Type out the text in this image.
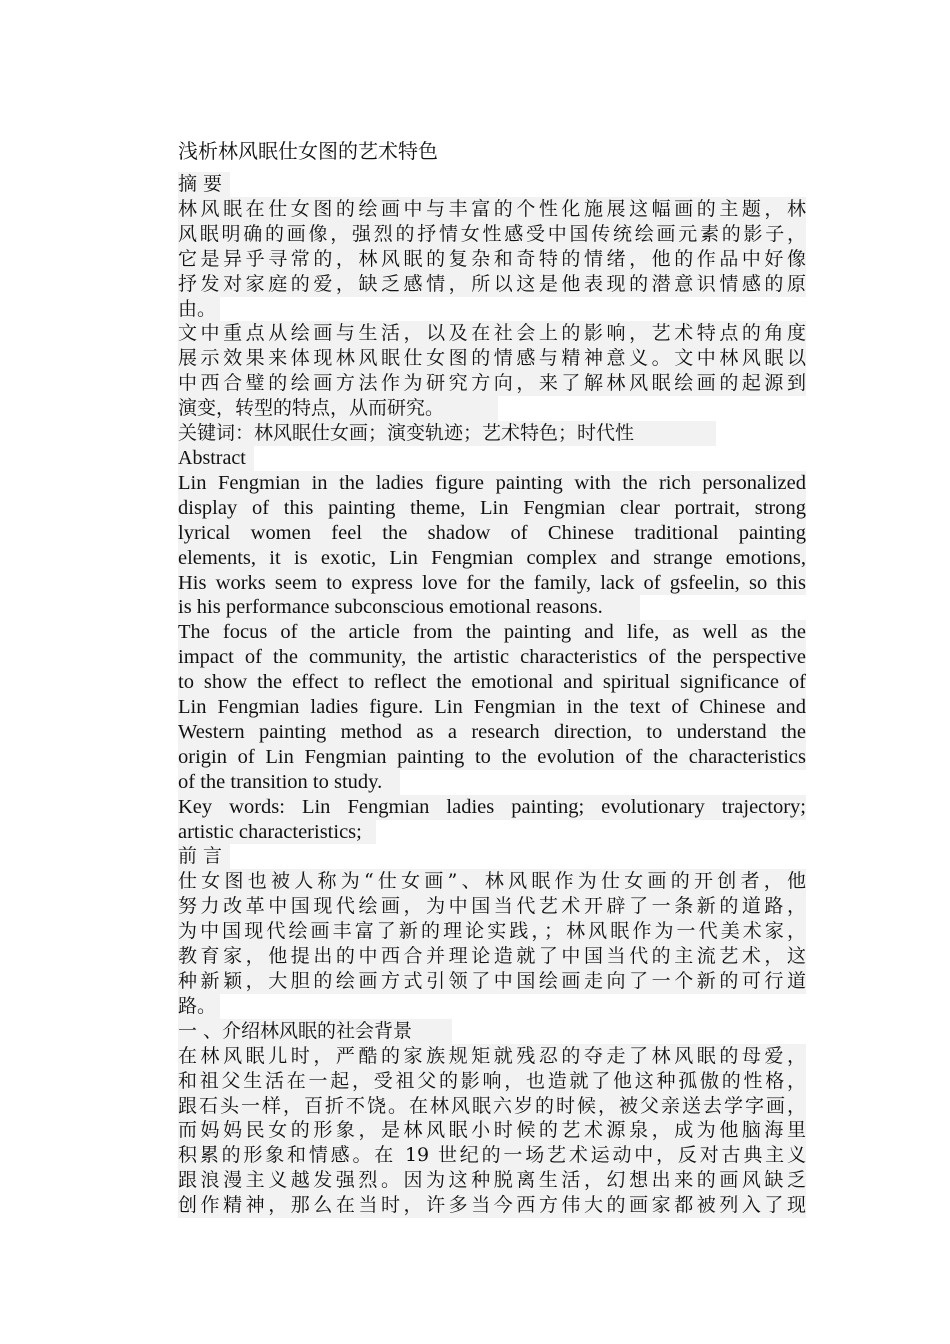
浅析林风眠仕女图的艺术特色

摘 要

林风眠在仕女图的绘画中与丰富的个性化施展这幅画的主题，林

风眠明确的画像，强烈的抒情女性感受中国传统绘画元素的影子，

它是异乎寻常的，林风眠的复杂和奇特的情绪，他的作品中好像

抒发对家庭的爱，缺乏感情，所以这是他表现的潜意识情感的原

由。

文中重点从绘画与生活，以及在社会上的影响，艺术特点的角度

展示效果来体现林风眠仕女图的情感与精神意义。文中林风眠以

中西合璧的绘画方法作为研究方向，来了解林风眠绘画的起源到

演变，转型的特点，从而研究。

关键词：林风眠仕女画；演变轨迹；艺术特色；时代性

Abstract

Lin Fengmian in the ladies figure painting with the rich personalized

display of this painting theme, Lin Fengmian clear portrait, strong

lyrical women feel the shadow of Chinese traditional painting

elements, it is exotic, Lin Fengmian complex and strange emotions,

His works seem to express love for the family, lack of gsfeelin, so this

is his performance subconscious emotional reasons.

The focus of the article from the painting and life, as well as the

impact of the community, the artistic characteristics of the perspective

to show the effect to reflect the emotional and spiritual significance of

Lin Fengmian ladies figure. Lin Fengmian in the text of Chinese and

Western painting method as a research direction, to understand the

origin of Lin Fengmian painting to the evolution of the characteristics

of the transition to study.

Key words: Lin Fengmian ladies painting; evolutionary trajectory;

artistic characteristics;

前 言

仕女图也被人称为“仕女画”、林风眠作为仕女画的开创者，他

努力改革中国现代绘画，为中国当代艺术开辟了一条新的道路，

为中国现代绘画丰富了新的理论实践，；林风眠作为一代美术家，

教育家，他提出的中西合并理论造就了中国当代的主流艺术，这

种新颖，大胆的绘画方式引领了中国绘画走向了一个新的可行道

路。

一 、介绍林风眠的社会背景

在林风眠儿时，严酷的家族规矩就残忍的夺走了林风眠的母爱，

和祖父生活在一起，受祖父的影响，也造就了他这种孤傲的性格，

跟石头一样，百折不饶。在林风眠六岁的时候，被父亲送去学字画，

而妈妈民女的形象，是林风眠小时候的艺术源泉，成为他脑海里

积累的形象和情感。在 19 世纪的一场艺术运动中，反对古典主义

跟浪漫主义越发强烈。因为这种脱离生活，幻想出来的画风缺乏

创作精神，那么在当时，许多当今西方伟大的画家都被列入了现
